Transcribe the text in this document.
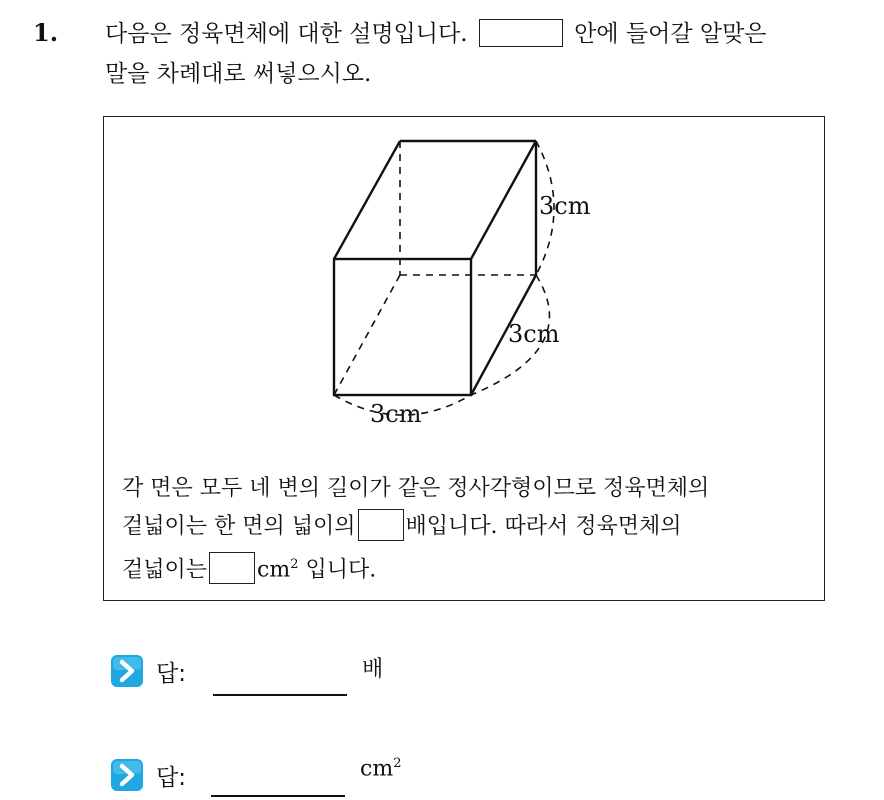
1. 다음은 정육면체에 대한 설명입니다.	안에 들어갈 알맞은
말을 차례대로 써넣으시오.
3cm
3cm
3cm
각 면은 모두 네 변의 길이가 같은 정사각형이므로 정육면체의
겉넓이는 한 면의 넓이의 배입니다. 따라서 정육면체의
겉넓이는 $cm^2$ 입니다.
답:	배
답:	$cm^2$
